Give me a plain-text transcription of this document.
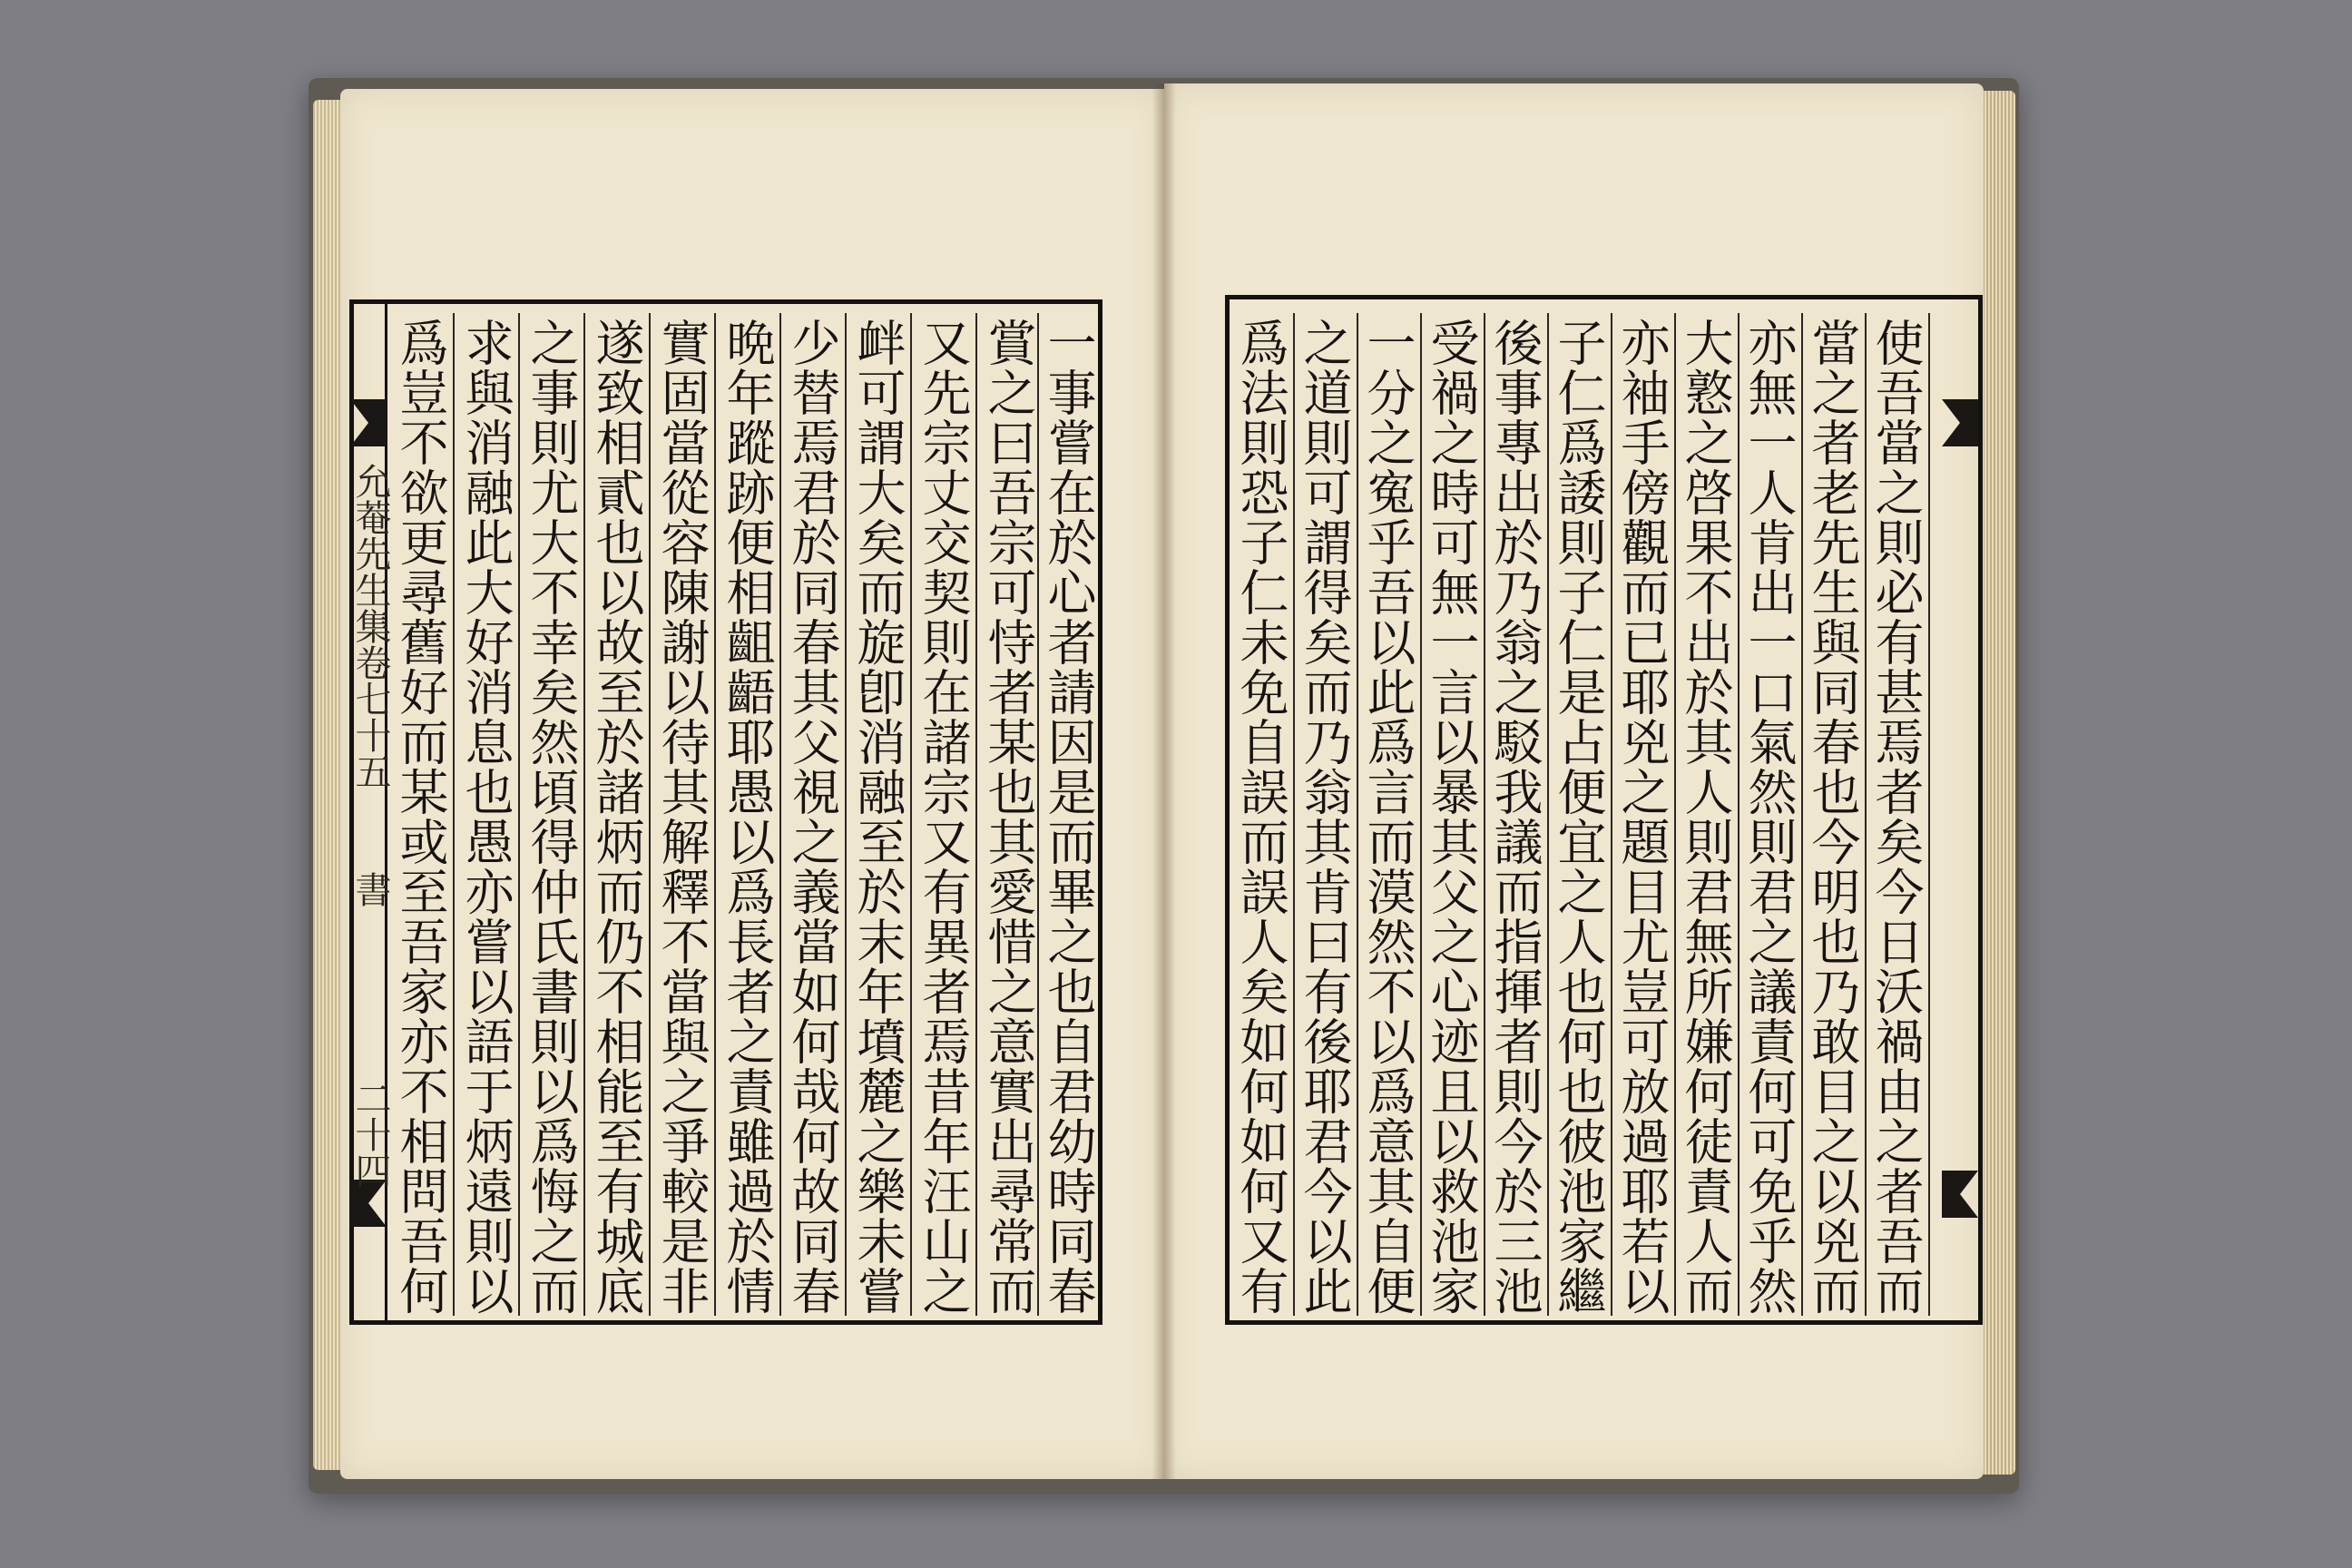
允菴先生集卷七十五
書
二十四 爲豈不欲更尋舊好而某或至吾家亦不相問吾何 求與消融此大好消息也愚亦嘗以語于炳遠則以 之事則尤大不幸矣然頃得仲氏書則以爲悔之而 遂致相貳也以故至於諸炳而仍不相能至有城底 實固當從容陳謝以待其解釋不當與之爭較是非 晩年蹤跡便相齟齬耶愚以爲長者之責雖過於情 少替焉君於同春其父視之義當如何哉何故同春 衅可謂大矣而旋卽消融至於末年墳麓之樂未嘗 又先宗丈交契則在諸宗又有異者焉昔年汪山之 賞之曰吾宗可恃者某也其愛惜之意實出尋常而 一事嘗在於心者請因是而畢之也自君幼時同春	爲法則恐子仁未免自誤而誤人矣如何如何又有 之道則可謂得矣而乃翁其肯曰有後耶君今以此 一分之寃乎吾以此爲言而漠然不以爲意其自便 受禍之時可無一言以暴其父之心迹且以救池家 後事專出於乃翁之駁我議而指揮者則今於三池 子仁爲諉則子仁是占便宜之人也何也彼池家繼 亦袖手傍觀而已耶兇之題目尤豈可放過耶若以 大憝之啓果不出於其人則君無所嫌何徒責人而 亦無一人肯出一口氣然則君之議責何可免乎然 當之者老先生與同春也今明也乃敢目之以兇而 使吾當之則必有甚焉者矣今日沃禍由之者吾而
